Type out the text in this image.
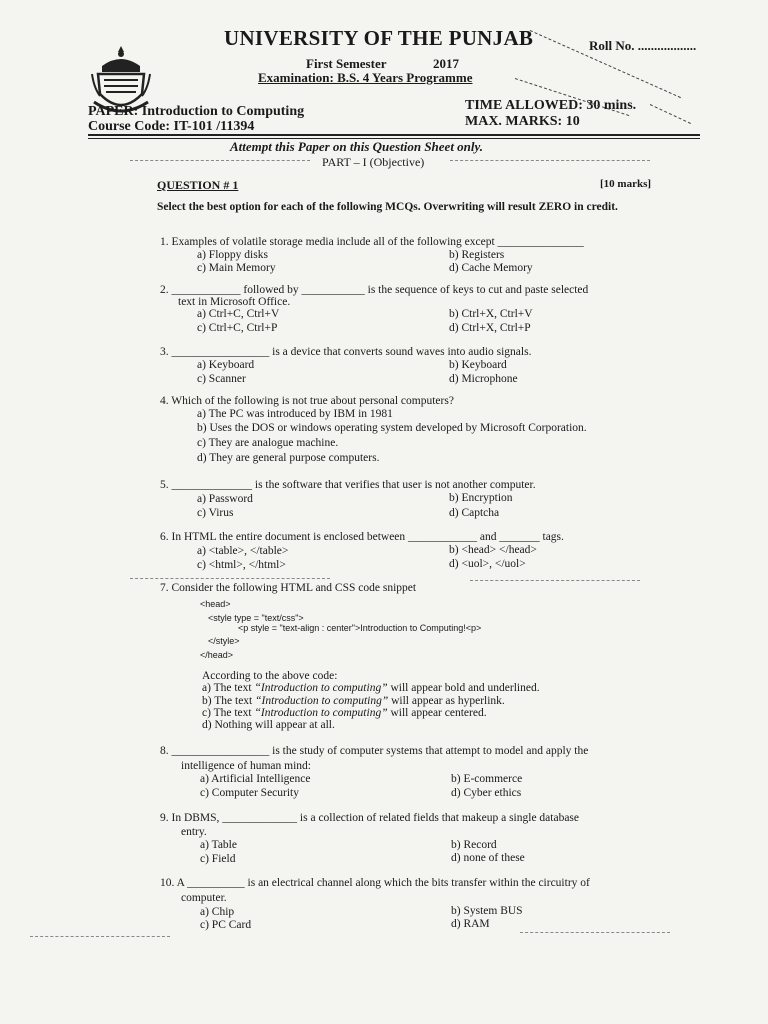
UNIVERSITY OF THE PUNJAB	Roll No. ..................
First Semester	2017
Examination: B.S. 4 Years Programme
PAPER: Introduction to Computing
Course Code: IT-101 /11394
TIME ALLOWED: 30 mins.
MAX. MARKS: 10
Attempt this Paper on this Question Sheet only.
PART – I (Objective)
QUESTION # 1	[10 marks]
Select the best option for each of the following MCQs. Overwriting will result ZERO in credit.
1. Examples of volatile storage media include all of the following except _______________
a) Floppy disks	b) Registers
c) Main Memory	d) Cache Memory
2. ____________ followed by ___________ is the sequence of keys to cut and paste selected
text in Microsoft Office.
a) Ctrl+C, Ctrl+V	b) Ctrl+X, Ctrl+V
c) Ctrl+C, Ctrl+P	d) Ctrl+X, Ctrl+P
3. _________________ is a device that converts sound waves into audio signals.
a) Keyboard	b) Keyboard
c) Scanner	d) Microphone
4. Which of the following is not true about personal computers?
a) The PC was introduced by IBM in 1981
b) Uses the DOS or windows operating system developed by Microsoft Corporation.
c) They are analogue machine.
d) They are general purpose computers.
5. ______________ is the software that verifies that user is not another computer.
a) Password	b) Encryption
c) Virus	d) Captcha
6. In HTML the entire document is enclosed between ____________ and _______ tags.
a) <table>, </table>	b) <head> </head>
c) <html>, </html>	d) <uol>, </uol>
7. Consider the following HTML and CSS code snippet
<head>
<style type = "text/css">
<p style = "text-align : center">Introduction to Computing!<p>
</style>
</head>
According to the above code:
a) The text “Introduction to computing” will appear bold and underlined.
b) The text “Introduction to computing” will appear as hyperlink.
c) The text “Introduction to computing” will appear centered.
d) Nothing will appear at all.
8. _________________ is the study of computer systems that attempt to model and apply the
intelligence of human mind:
a) Artificial Intelligence	b) E-commerce
c) Computer Security	d) Cyber ethics
9. In DBMS, _____________ is a collection of related fields that makeup a single database
entry.
a) Table	b) Record
c) Field	d) none of these
10. A __________ is an electrical channel along which the bits transfer within the circuitry of
computer.
a) Chip	b) System BUS
c) PC Card	d) RAM
